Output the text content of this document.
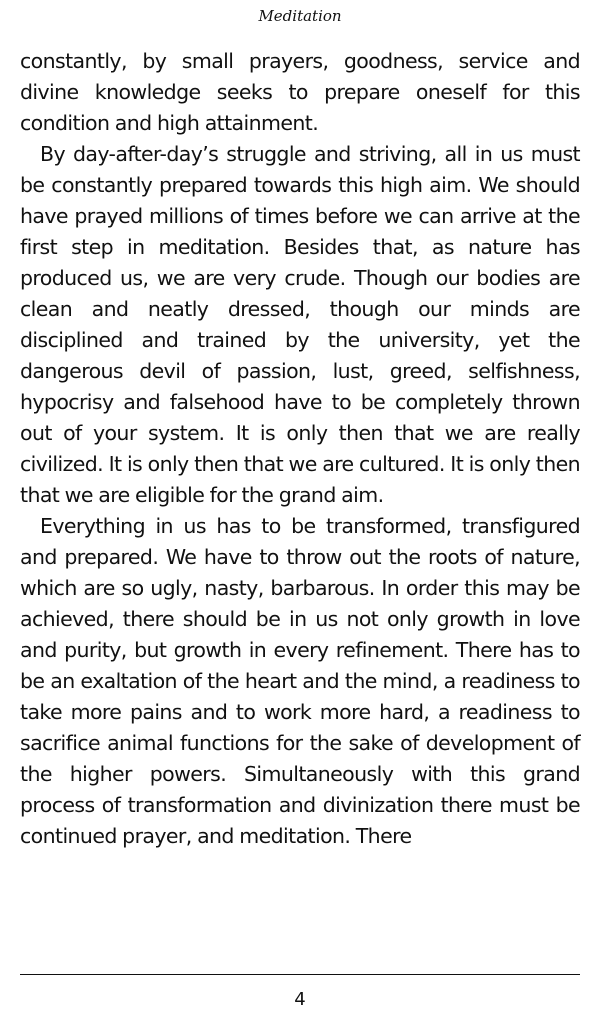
Meditation

constantly, by small prayers, goodness, service and divine knowledge seeks to prepare oneself for this condition and high attainment.

By day-after-day’s struggle and striving, all in us must be constantly prepared towards this high aim. We should have prayed millions of times before we can arrive at the first step in meditation. Besides that, as nature has produced us, we are very crude. Though our bodies are clean and neatly dressed, though our minds are disciplined and trained by the university, yet the dangerous devil of passion, lust, greed, selfishness, hypocrisy and falsehood have to be completely thrown out of your system. It is only then that we are really civilized. It is only then that we are cultured. It is only then that we are eligible for the grand aim.

Everything in us has to be transformed, transfigured and prepared. We have to throw out the roots of nature, which are so ugly, nasty, barbarous. In order this may be achieved, there should be in us not only growth in love and purity, but growth in every refinement. There has to be an exaltation of the heart and the mind, a readiness to take more pains and to work more hard, a readiness to sacrifice animal functions for the sake of development of the higher powers. Simultaneously with this grand process of transformation and divinization there must be continued prayer, and meditation. There

4
